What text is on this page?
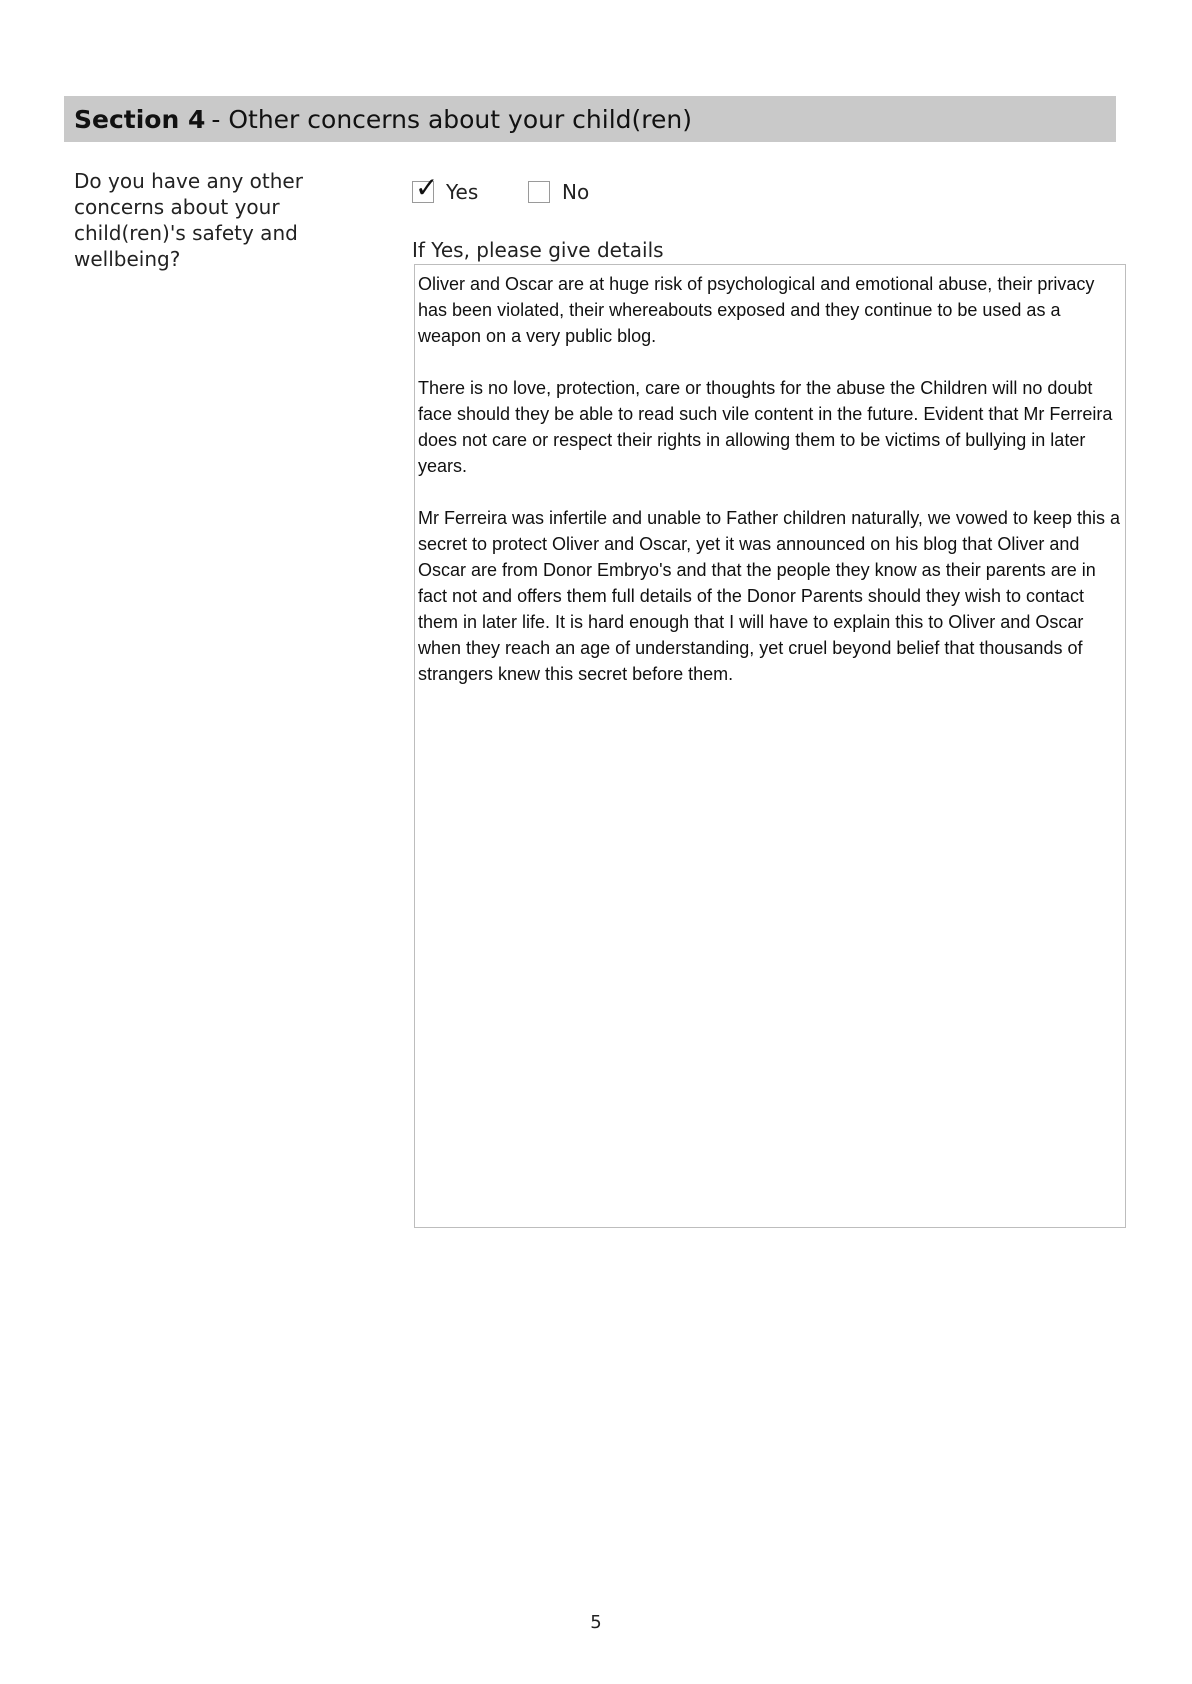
Section 4 - Other concerns about your child(ren)
Do you have any other concerns about your child(ren)'s safety and wellbeing?
✓ Yes	No
If Yes, please give details

Oliver and Oscar are at huge risk of psychological and emotional abuse, their privacy has been violated, their whereabouts exposed and they continue to be used as a weapon on a very public blog.

There is no love, protection, care or thoughts for the abuse the Children will no doubt face should they be able to read such vile content in the future. Evident that Mr Ferreira does not care or respect their rights in allowing them to be victims of bullying in later years.

Mr Ferreira was infertile and unable to Father children naturally, we vowed to keep this a secret to protect Oliver and Oscar, yet it was announced on his blog that Oliver and Oscar are from Donor Embryo's and that the people they know as their parents are in fact not and offers them full details of the Donor Parents should they wish to contact them in later life. It is hard enough that I will have to explain this to Oliver and Oscar when they reach an age of understanding, yet cruel beyond belief that thousands of strangers knew this secret before them.

5
